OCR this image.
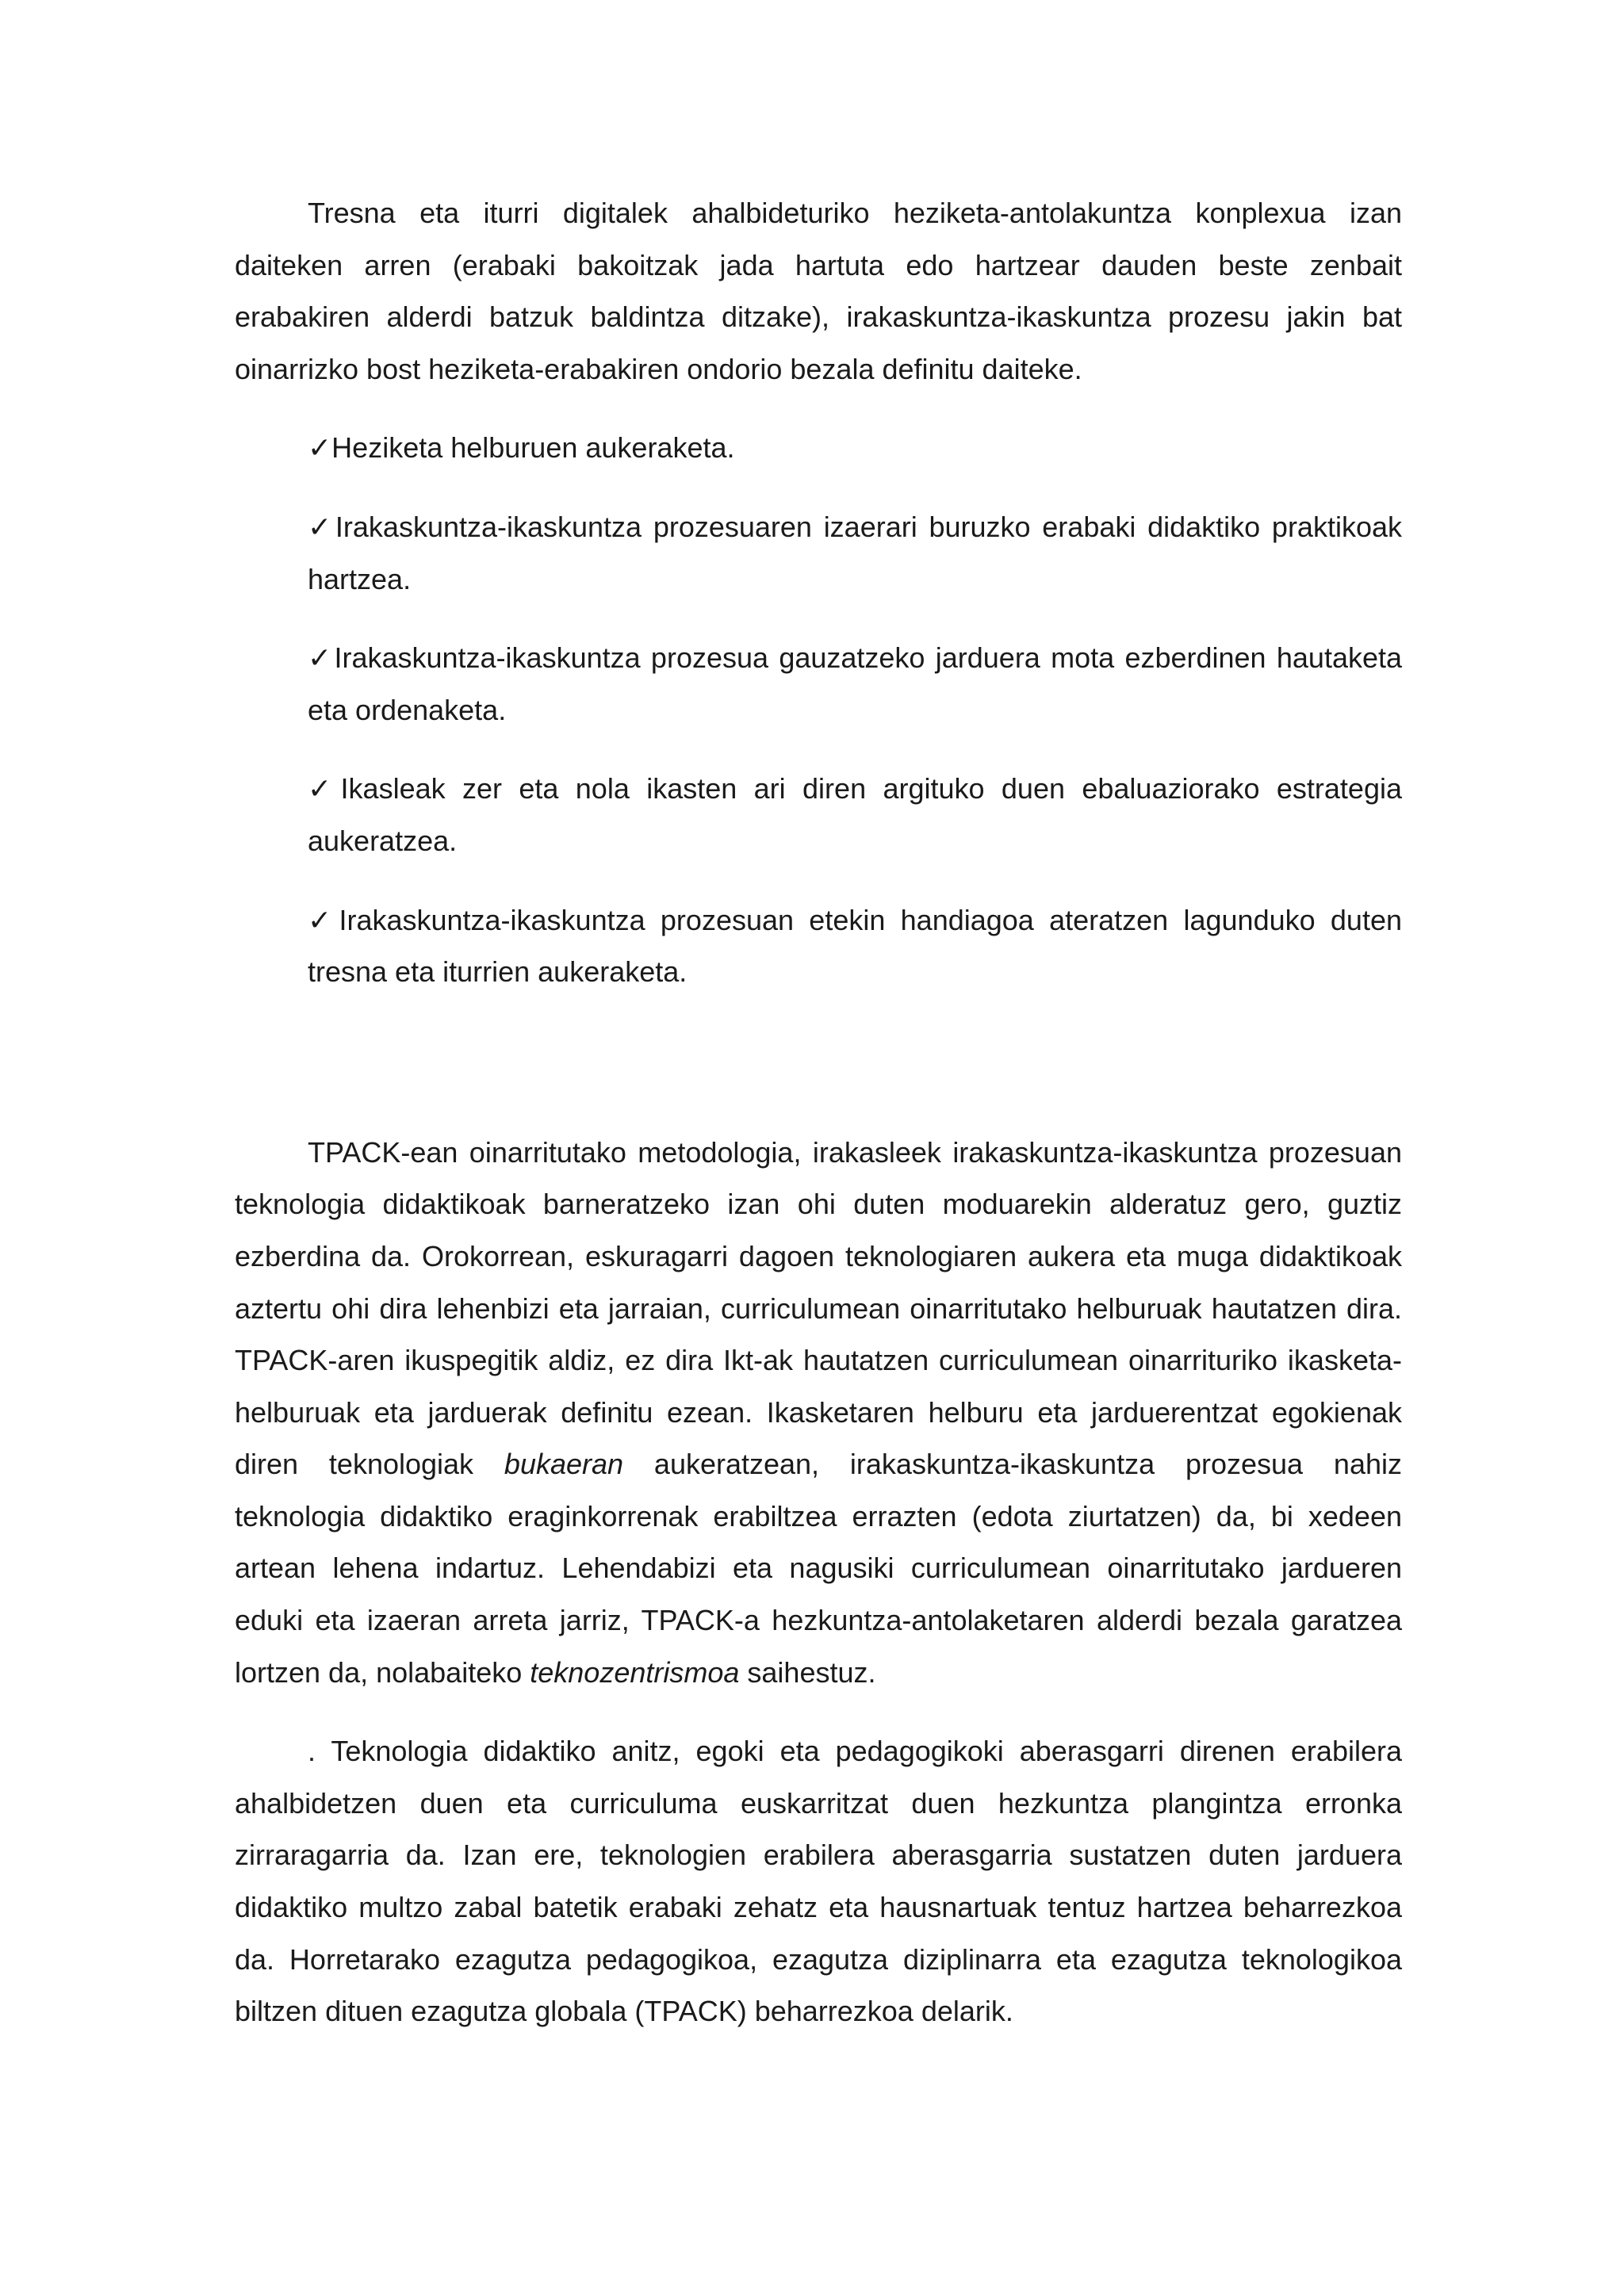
Tresna eta iturri digitalek ahalbideturiko heziketa-antolakuntza konplexua izan daiteken arren (erabaki bakoitzak jada hartuta edo hartzear dauden beste zenbait erabakiren alderdi batzuk baldintza ditzake), irakaskuntza-ikaskuntza prozesu jakin bat oinarrizko bost heziketa-erabakiren ondorio bezala definitu daiteke.

✓Heziketa helburuen aukeraketa.
✓Irakaskuntza-ikaskuntza prozesuaren izaerari buruzko erabaki didaktiko praktikoak hartzea.
✓Irakaskuntza-ikaskuntza prozesua gauzatzeko jarduera mota ezberdinen hautaketa eta ordenaketa.
✓Ikasleak zer eta nola ikasten ari diren argituko duen ebaluaziorako estrategia aukeratzea.
✓Irakaskuntza-ikaskuntza prozesuan etekin handiagoa ateratzen lagunduko duten tresna eta iturrien aukeraketa.

TPACK-ean oinarritutako metodologia, irakasleek irakaskuntza-ikaskuntza prozesuan teknologia didaktikoak barneratzeko izan ohi duten moduarekin alderatuz gero, guztiz ezberdina da. Orokorrean, eskuragarri dagoen teknologiaren aukera eta muga didaktikoak aztertu ohi dira lehenbizi eta jarraian, curriculumean oinarritutako helburuak hautatzen dira. TPACK-aren ikuspegitik aldiz, ez dira Ikt-ak hautatzen curriculumean oinarrituriko ikasketa-helburuak eta jarduerak definitu ezean. Ikasketaren helburu eta jarduerentzat egokienak diren teknologiak bukaeran aukeratzean, irakaskuntza-ikaskuntza prozesua nahiz teknologia didaktiko eraginkorrenak erabiltzea errazten (edota ziurtatzen) da, bi xedeen artean lehena indartuz. Lehendabizi eta nagusiki curriculumean oinarritutako jardueren eduki eta izaeran arreta jarriz, TPACK-a hezkuntza-antolaketaren alderdi bezala garatzea lortzen da, nolabaiteko teknozentrismoa saihestuz.

. Teknologia didaktiko anitz, egoki eta pedagogikoki aberasgarri direnen erabilera ahalbidetzen duen eta curriculuma euskarritzat duen hezkuntza plangintza erronka zirraragarria da. Izan ere, teknologien erabilera aberasgarria sustatzen duten jarduera didaktiko multzo zabal batetik erabaki zehatz eta hausnartuak tentuz hartzea beharrezkoa da. Horretarako ezagutza pedagogikoa, ezagutza diziplinarra eta ezagutza teknologikoa biltzen dituen ezagutza globala (TPACK) beharrezkoa delarik.
